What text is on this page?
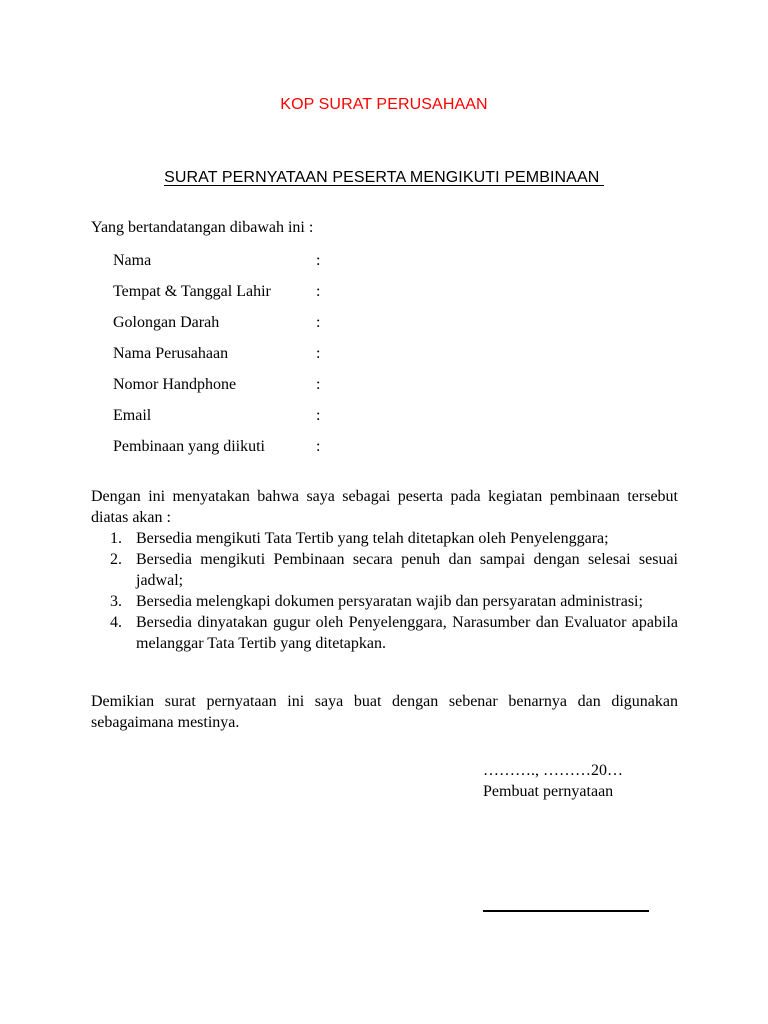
KOP SURAT PERUSAHAAN
SURAT PERNYATAAN PESERTA MENGIKUTI PEMBINAAN
Yang bertandatangan dibawah ini :
Nama	:
Tempat & Tanggal Lahir	:
Golongan Darah	:
Nama Perusahaan	:
Nomor Handphone	:
Email	:
Pembinaan yang diikuti	:

Dengan ini menyatakan bahwa saya sebagai peserta pada kegiatan pembinaan tersebut diatas akan :

1. Bersedia mengikuti Tata Tertib yang telah ditetapkan oleh Penyelenggara;
2. Bersedia mengikuti Pembinaan secara penuh dan sampai dengan selesai sesuai jadwal;
3. Bersedia melengkapi dokumen persyaratan wajib dan persyaratan administrasi;
4. Bersedia dinyatakan gugur oleh Penyelenggara, Narasumber dan Evaluator apabila melanggar Tata Tertib yang ditetapkan.

Demikian surat pernyataan ini saya buat dengan sebenar benarnya dan digunakan sebagaimana mestinya.

………., ………20…
Pembuat pernyataan
